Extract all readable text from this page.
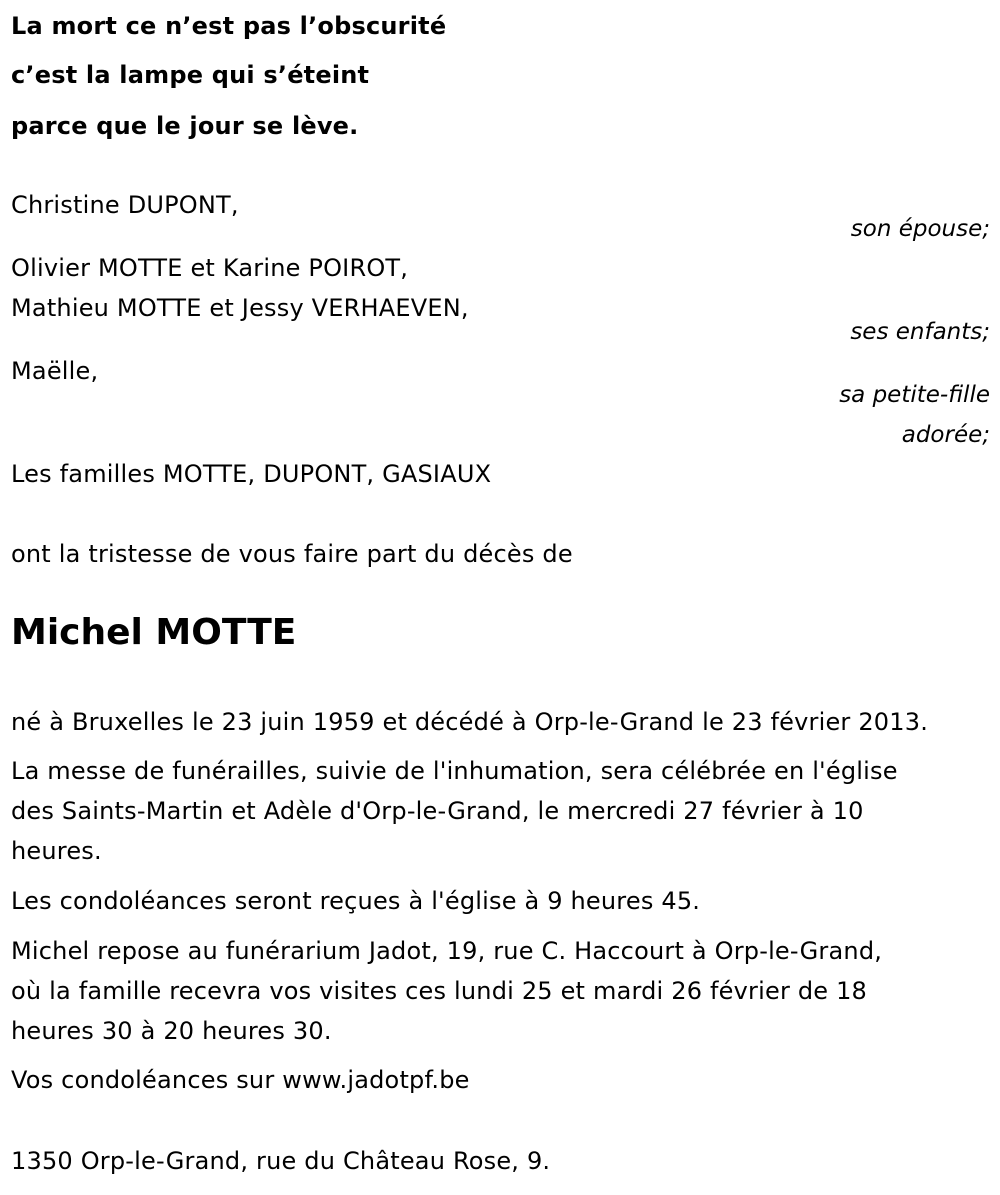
La mort ce n’est pas l’obscurité
c’est la lampe qui s’éteint
parce que le jour se lève.
Christine DUPONT,
son épouse;
Olivier MOTTE et Karine POIROT,
Mathieu MOTTE et Jessy VERHAEVEN,
ses enfants;
Maëlle,
sa petite-fille
adorée;
Les familles MOTTE, DUPONT, GASIAUX
ont la tristesse de vous faire part du décès de
Michel MOTTE
né à Bruxelles le 23 juin 1959 et décédé à Orp-le-Grand le 23 février 2013.
La messe de funérailles, suivie de l'inhumation, sera célébrée en l'église
des Saints-Martin et Adèle d'Orp-le-Grand, le mercredi 27 février à 10
heures.
Les condoléances seront reçues à l'église à 9 heures 45.
Michel repose au funérarium Jadot, 19, rue C. Haccourt à Orp-le-Grand,
où la famille recevra vos visites ces lundi 25 et mardi 26 février de 18
heures 30 à 20 heures 30.
Vos condoléances sur www.jadotpf.be
1350 Orp-le-Grand, rue du Château Rose, 9.
